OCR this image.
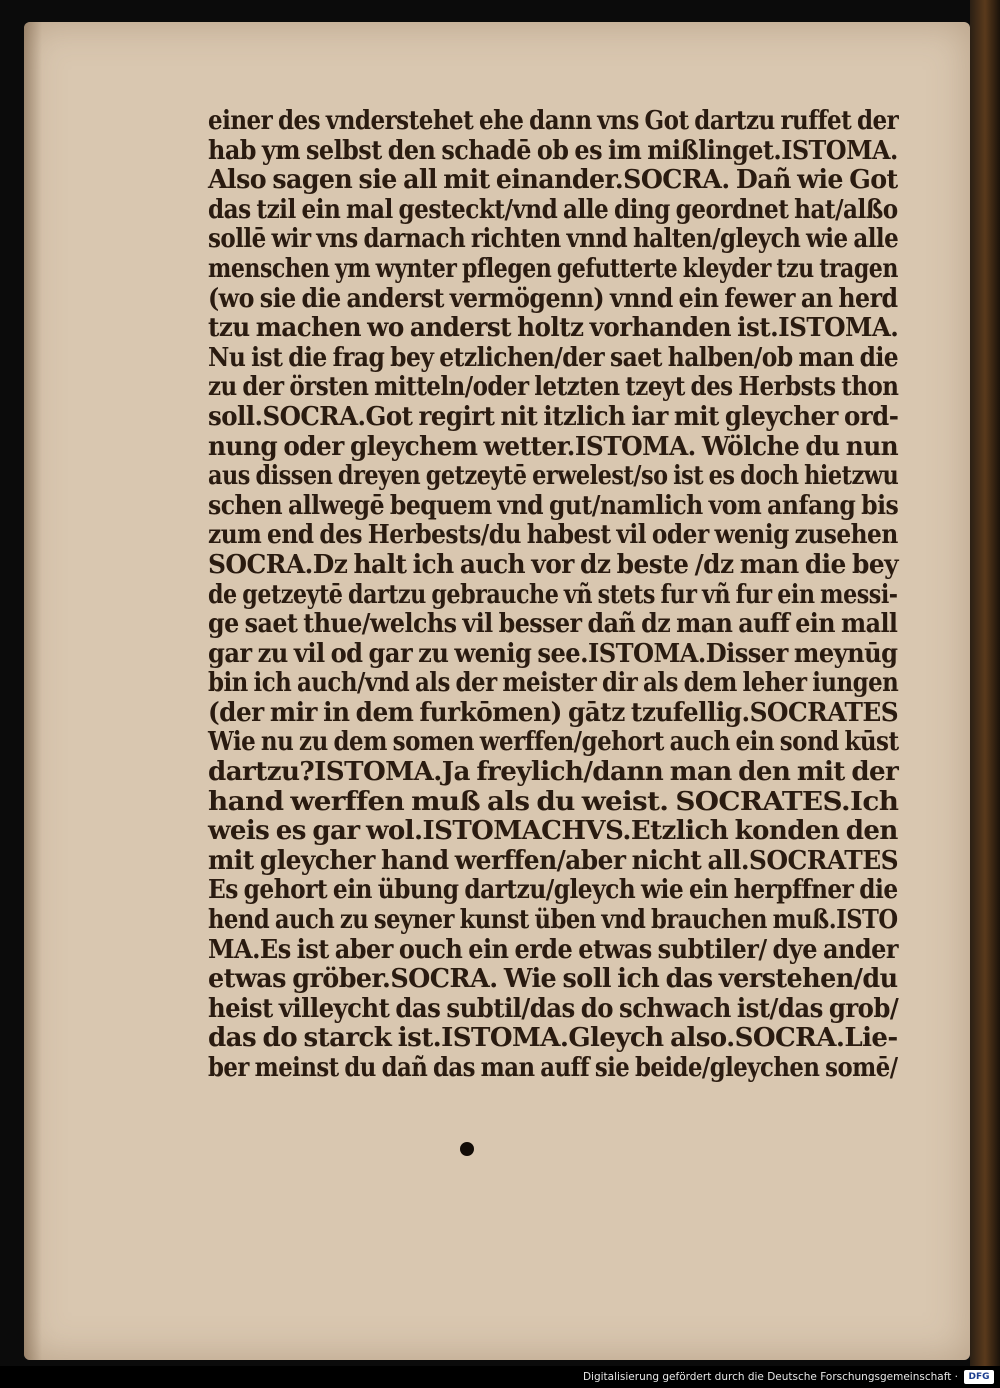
einer des vnderstehet ehe dann vns Got dartzu ruffet der
hab ym selbst den schadē ob es im mißlinget.ISTOMA.
Also sagen sie all mit einander.SOCRA. Dañ wie Got
das tzil ein mal gesteckt/vnd alle ding geordnet hat/alßo
sollē wir vns darnach richten vnnd halten/gleych wie alle
menschen ym wynter pflegen gefutterte kleyder tzu tragen
(wo sie die anderst vermögenn) vnnd ein fewer an herd
tzu machen wo anderst holtz vorhanden ist.ISTOMA.
Nu ist die frag bey etzlichen/der saet halben/ob man die
zu der örsten mitteln/oder letzten tzeyt des Herbsts thon
soll.SOCRA.Got regirt nit itzlich iar mit gleycher ord-
nung oder gleychem wetter.ISTOMA. Wölche du nun
aus dissen dreyen getzeytē erwelest/so ist es doch hietzwu
schen allwegē bequem vnd gut/namlich vom anfang bis
zum end des Herbests/du habest vil oder wenig zusehen
SOCRA.Dz halt ich auch vor dz beste /dz man die bey
de getzeytē dartzu gebrauche vñ stets fur vñ fur ein messi-
ge saet thue/welchs vil besser dañ dz man auff ein mall
gar zu vil od gar zu wenig see.ISTOMA.Disser meynūg
bin ich auch/vnd als der meister dir als dem leher iungen
(der mir in dem furkōmen) gātz tzufellig.SOCRATES
Wie nu zu dem somen werffen/gehort auch ein sond kūst
dartzu?ISTOMA.Ja freylich/dann man den mit der
hand werffen muß als du weist. SOCRATES.Ich
weis es gar wol.ISTOMACHVS.Etzlich konden den
mit gleycher hand werffen/aber nicht all.SOCRATES
Es gehort ein übung dartzu/gleych wie ein herpffner die
hend auch zu seyner kunst üben vnd brauchen muß.ISTO
MA.Es ist aber ouch ein erde etwas subtiler/ dye ander
etwas gröber.SOCRA. Wie soll ich das verstehen/du
heist villeycht das subtil/das do schwach ist/das grob/
das do starck ist.ISTOMA.Gleych also.SOCRA.Lie-
ber meinst du dañ das man auff sie beide/gleychen somē/
Digitalisierung gefördert durch die Deutsche Forschungsgemeinschaft ·	DFG
